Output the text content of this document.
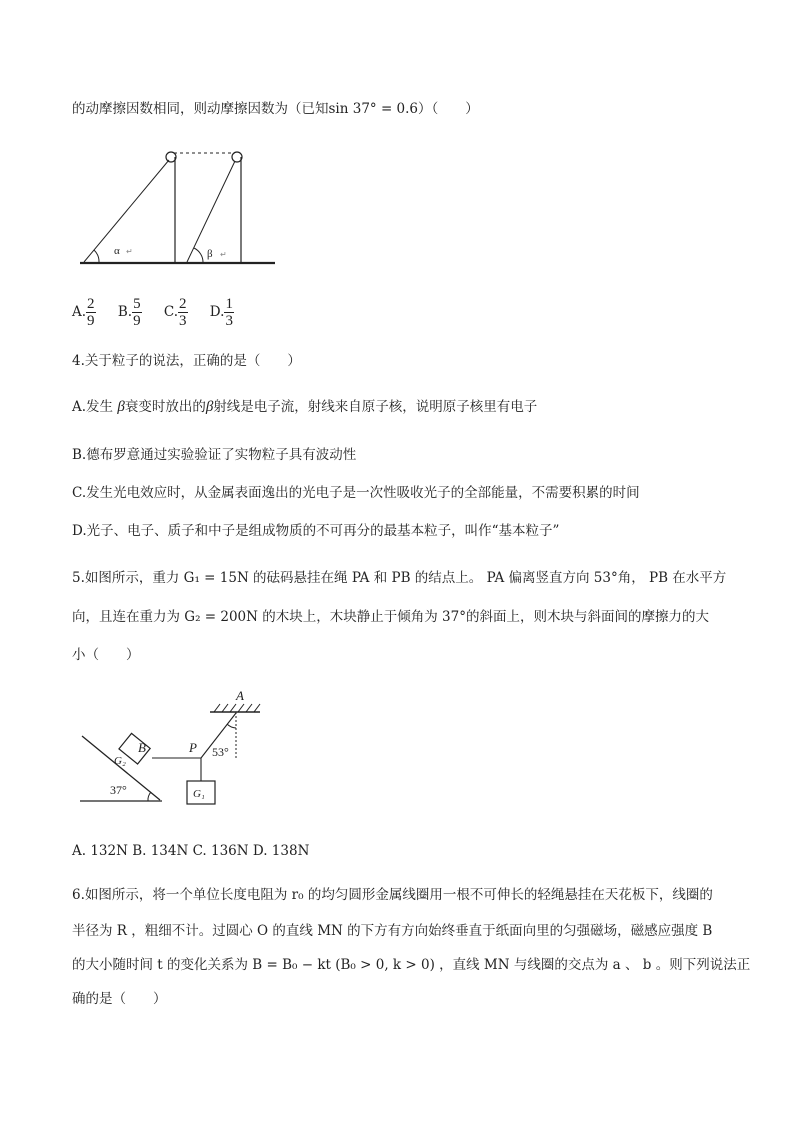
的动摩擦因数相同，则动摩擦因数为（已知sin 37° = 0.6）（　　）
α ↵	β ↵
A. $\frac{2}{9} B$. $\frac{5}{9} C$. $\frac{2}{3} D$. $\frac{1}{3}$
4.关于粒子的说法，正确的是（　　）
A.发生 β衰变时放出的β射线是电子流，射线来自原子核，说明原子核里有电子
B.德布罗意通过实验验证了实物粒子具有波动性
C.发生光电效应时，从金属表面逸出的光电子是一次性吸收光子的全部能量，不需要积累的时间
D.光子、电子、质子和中子是组成物质的不可再分的最基本粒子，叫作“基本粒子”
5.如图所示，重力 G₁ = 15N 的砝码悬挂在绳 PA 和 PB 的结点上。 PA 偏离竖直方向 53°角， PB 在水平方
向，且连在重力为 G₂ = 200N 的木块上，木块静止于倾角为 37°的斜面上，则木块与斜面间的摩擦力的大
小（　　）
A
53°
P
B
G₁
37°
G₂
A. 132N B. 134N C. 136N D. 138N
6.如图所示，将一个单位长度电阻为 r₀ 的均匀圆形金属线圈用一根不可伸长的轻绳悬挂在天花板下，线圈的
半径为 R ，粗细不计。过圆心 O 的直线 MN 的下方有方向始终垂直于纸面向里的匀强磁场，磁感应强度 B
的大小随时间 t 的变化关系为 B = B₀ − kt (B₀ > 0, k > 0) ，直线 MN 与线圈的交点为 a 、 b 。则下列说法正
确的是（　　）
